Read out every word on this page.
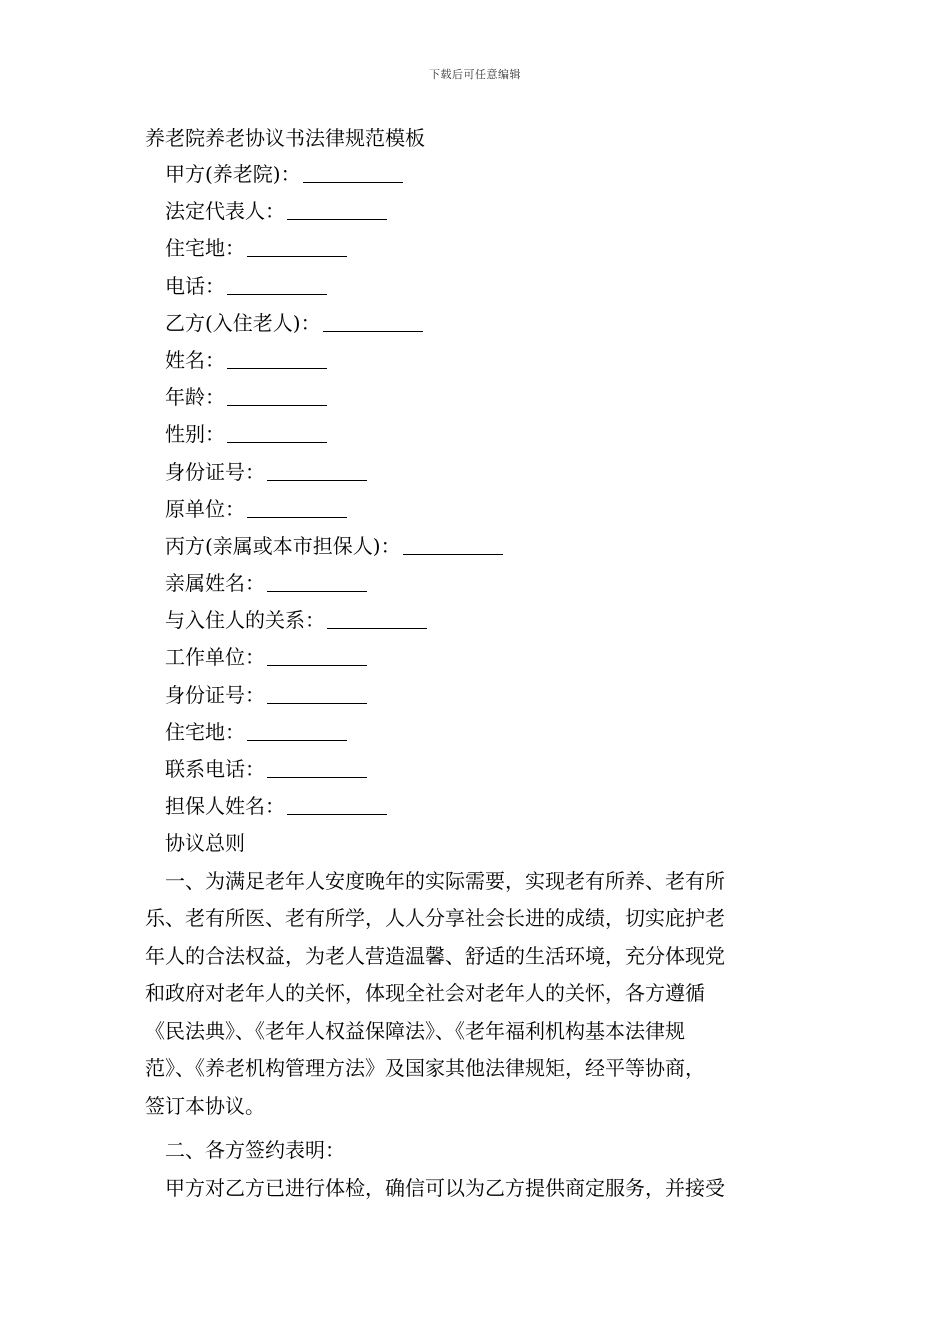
下载后可任意编辑
养老院养老协议书法律规范模板
甲方(养老院)：
法定代表人：
住宅地：
电话：
乙方(入住老人)：
姓名：
年龄：
性别：
身份证号：
原单位：
丙方(亲属或本市担保人)：
亲属姓名：
与入住人的关系：
工作单位：
身份证号：
住宅地：
联系电话：
担保人姓名：
协议总则

一、为满足老年人安度晚年的实际需要，实现老有所养、老有所
乐、老有所医、老有所学，人人分享社会长进的成绩，切实庇护老
年人的合法权益，为老人营造温馨、舒适的生活环境，充分体现党
和政府对老年人的关怀，体现全社会对老年人的关怀，各方遵循
《民法典》、《老年人权益保障法》、《老年福利机构基本法律规
范》、《养老机构管理方法》及国家其他法律规矩，经平等协商，
签订本协议。

二、各方签约表明：

甲方对乙方已进行体检，确信可以为乙方提供商定服务，并接受
